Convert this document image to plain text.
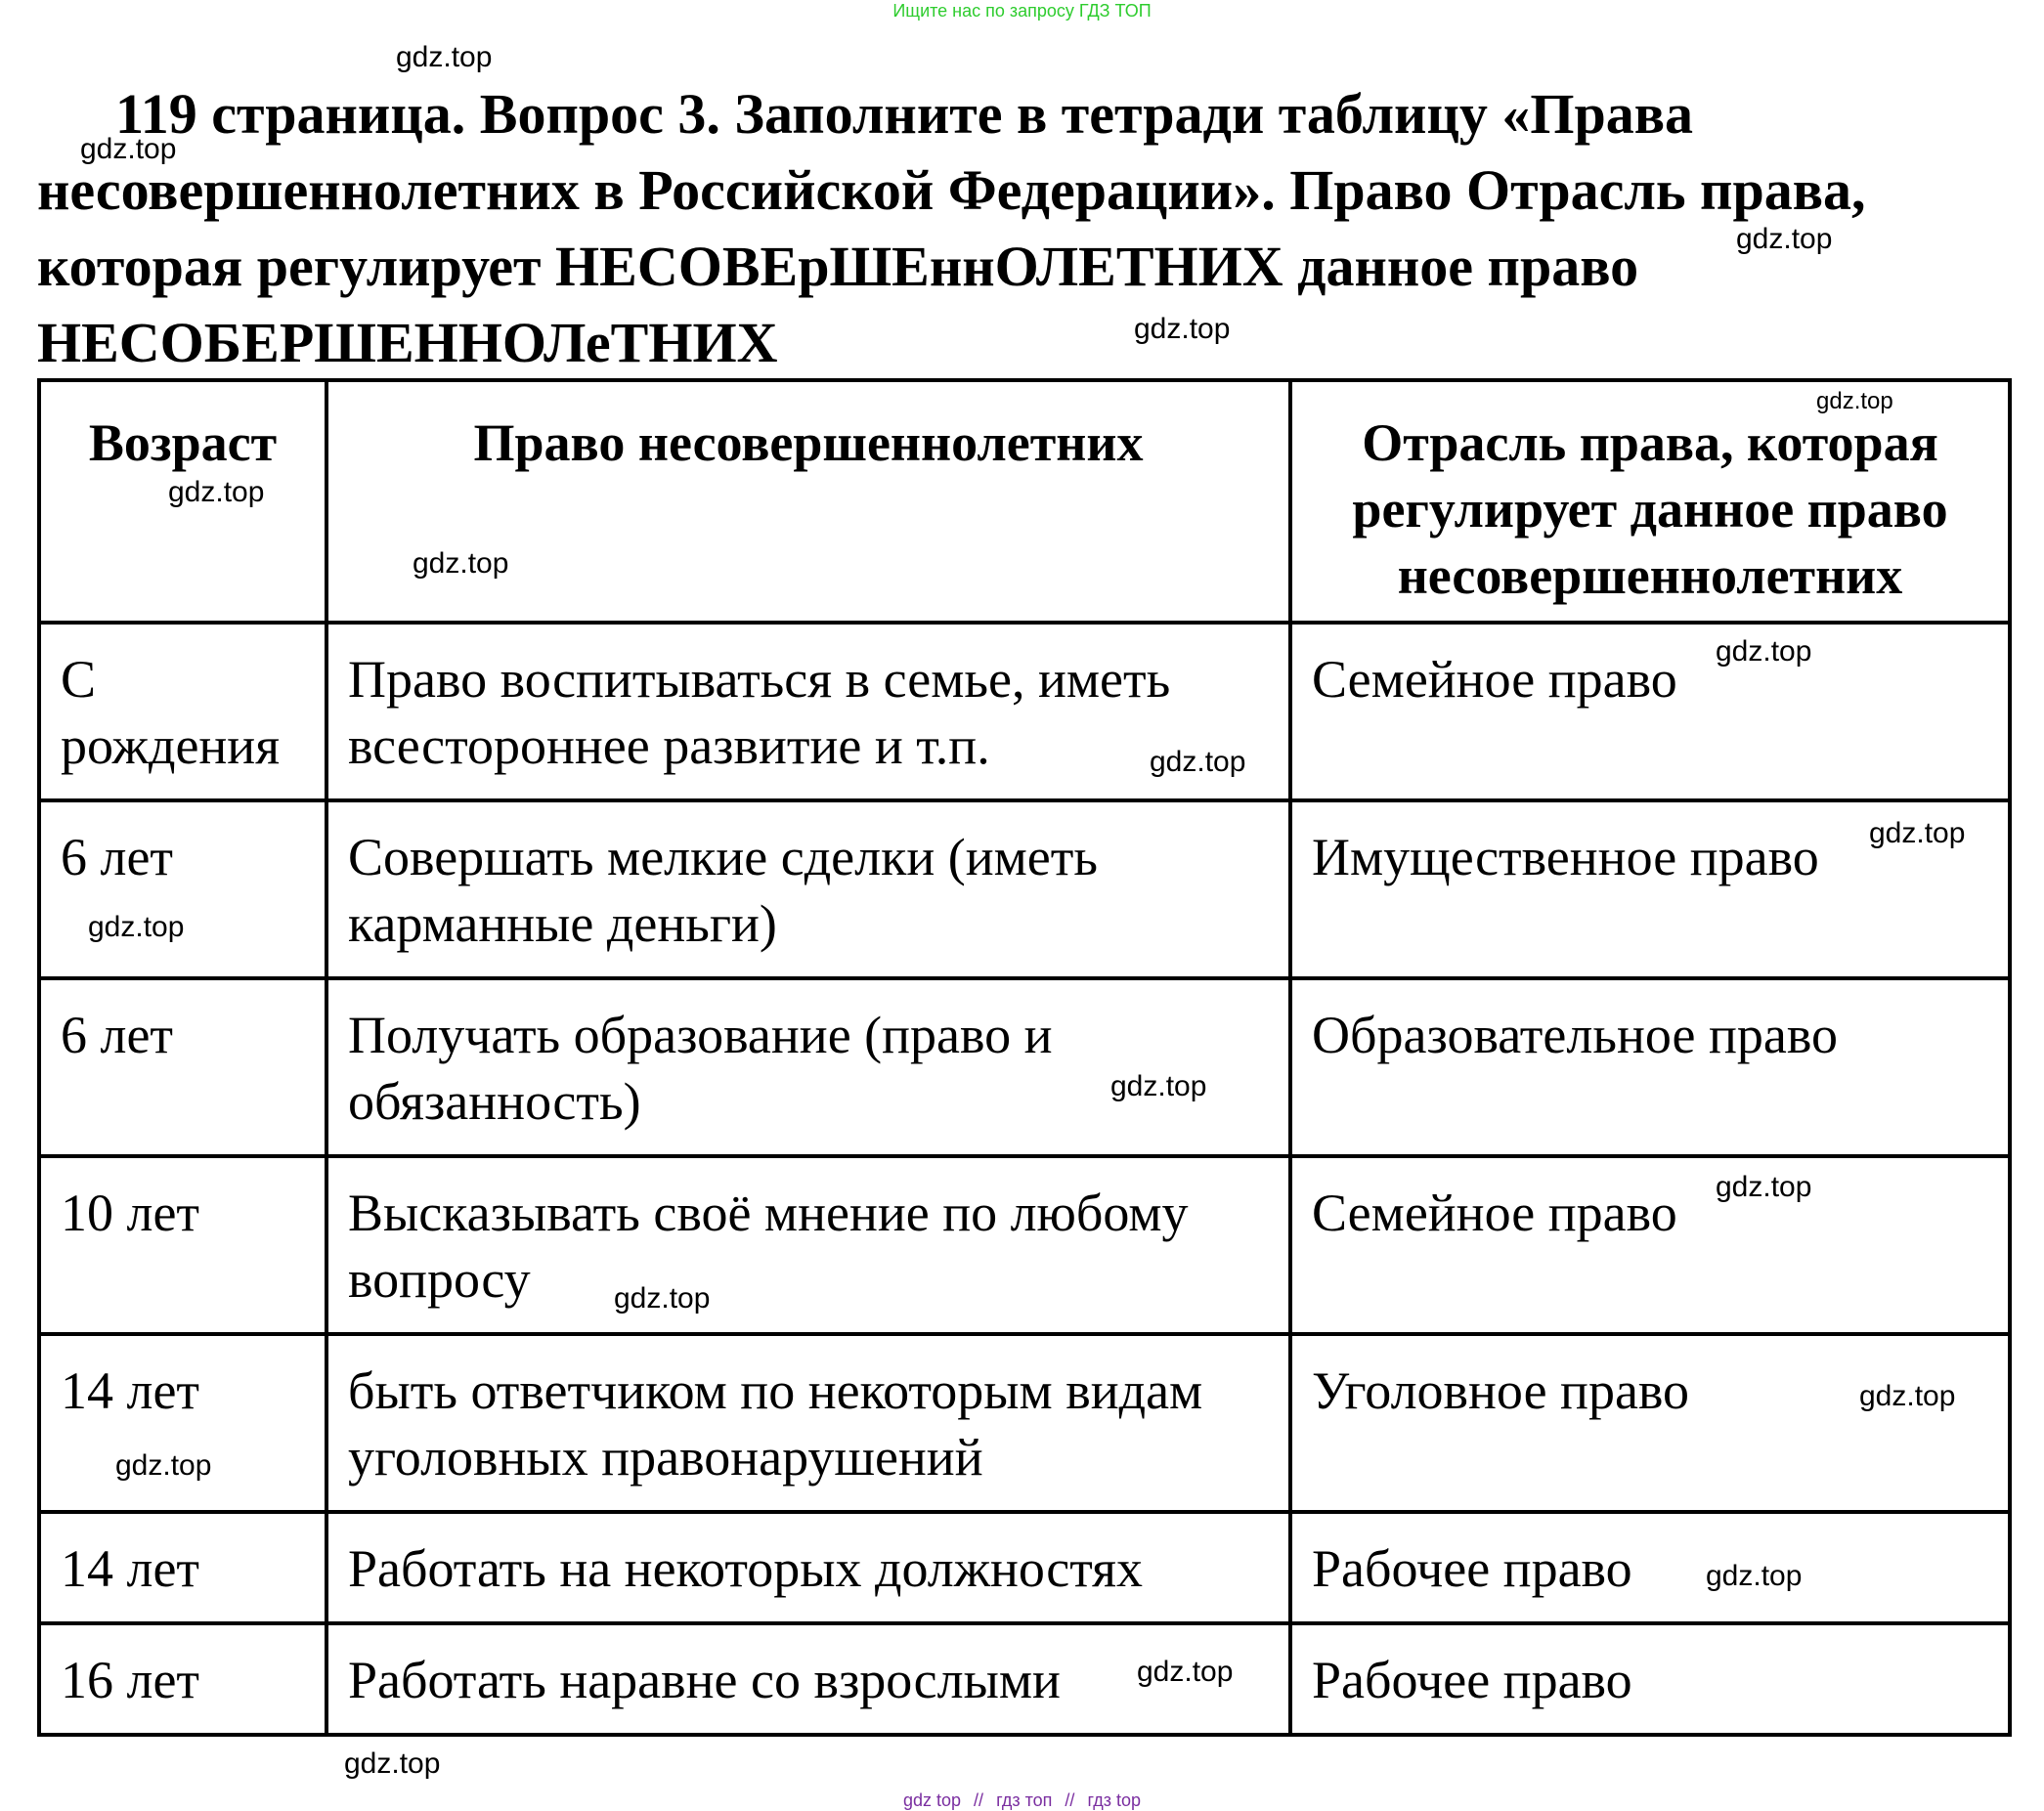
Ищите нас по запросу ГДЗ ТОП
119 страница. Вопрос 3. Заполните в тетради таблицу «Права несовершеннолетних в Российской Федерации». Право Отрасль права, которая регулирует НЕСОВЕрШЕннОЛЕТНИХ данное право НЕСОБЕРШЕННОЛеТНИХ
Возраст	Право несовершеннолетних	Отрасль права, которая регулирует данное право несовершеннолетних
С рождения	Право воспитываться в семье, иметь всестороннее развитие и т.п.	Семейное право
6 лет	Совершать мелкие сделки (иметь карманные деньги)	Имущественное право
6 лет	Получать образование (право и обязанность)	Образовательное право
10 лет	Высказывать своё мнение по любому вопросу	Семейное право
14 лет	быть ответчиком по некоторым видам уголовных правонарушений	Уголовное право
14 лет	Работать на некоторых должностях	Рабочее право
16 лет	Работать наравне со взрослыми	Рабочее право
gdz.top
gdz.top
gdz.top
gdz.top
gdz.top
gdz.top
gdz.top
gdz.top
gdz.top
gdz.top
gdz.top
gdz.top
gdz.top
gdz.top
gdz.top
gdz.top
gdz.top
gdz.top
gdz.top
gdz top // гдз топ // гдз top
